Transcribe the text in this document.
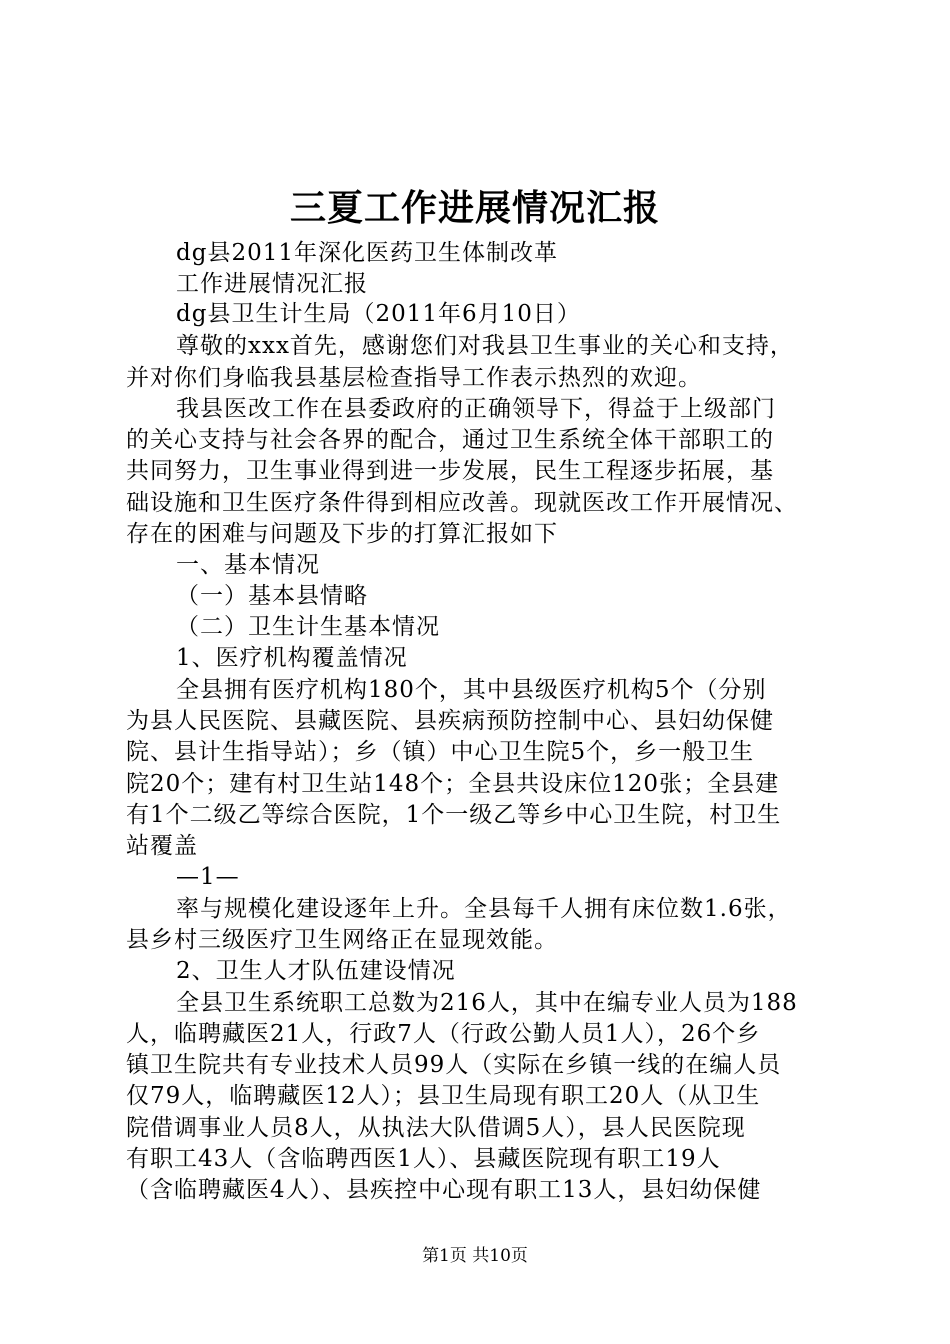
三夏工作进展情况汇报
dg县2011年深化医药卫生体制改革
工作进展情况汇报
dg县卫生计生局（2011年6月10日）
尊敬的xxx首先，感谢您们对我县卫生事业的关心和支持，
并对你们身临我县基层检查指导工作表示热烈的欢迎。
我县医改工作在县委政府的正确领导下，得益于上级部门
的关心支持与社会各界的配合，通过卫生系统全体干部职工的
共同努力，卫生事业得到进一步发展，民生工程逐步拓展，基
础设施和卫生医疗条件得到相应改善。现就医改工作开展情况、
存在的困难与问题及下步的打算汇报如下
一、基本情况
（一）基本县情略
（二）卫生计生基本情况
1、医疗机构覆盖情况
全县拥有医疗机构180个，其中县级医疗机构5个（分别
为县人民医院、县藏医院、县疾病预防控制中心、县妇幼保健
院、县计生指导站）；乡（镇）中心卫生院5个，乡一般卫生
院20个；建有村卫生站148个；全县共设床位120张；全县建
有1个二级乙等综合医院，1个一级乙等乡中心卫生院，村卫生
站覆盖
—1—
率与规模化建设逐年上升。全县每千人拥有床位数1.6张，
县乡村三级医疗卫生网络正在显现效能。
2、卫生人才队伍建设情况
全县卫生系统职工总数为216人，其中在编专业人员为188
人，临聘藏医21人，行政7人（行政公勤人员1人），26个乡
镇卫生院共有专业技术人员99人（实际在乡镇一线的在编人员
仅79人，临聘藏医12人）；县卫生局现有职工20人（从卫生
院借调事业人员8人，从执法大队借调5人），县人民医院现
有职工43人（含临聘西医1人）、县藏医院现有职工19人
（含临聘藏医4人）、县疾控中心现有职工13人，县妇幼保健
第1页 共10页
